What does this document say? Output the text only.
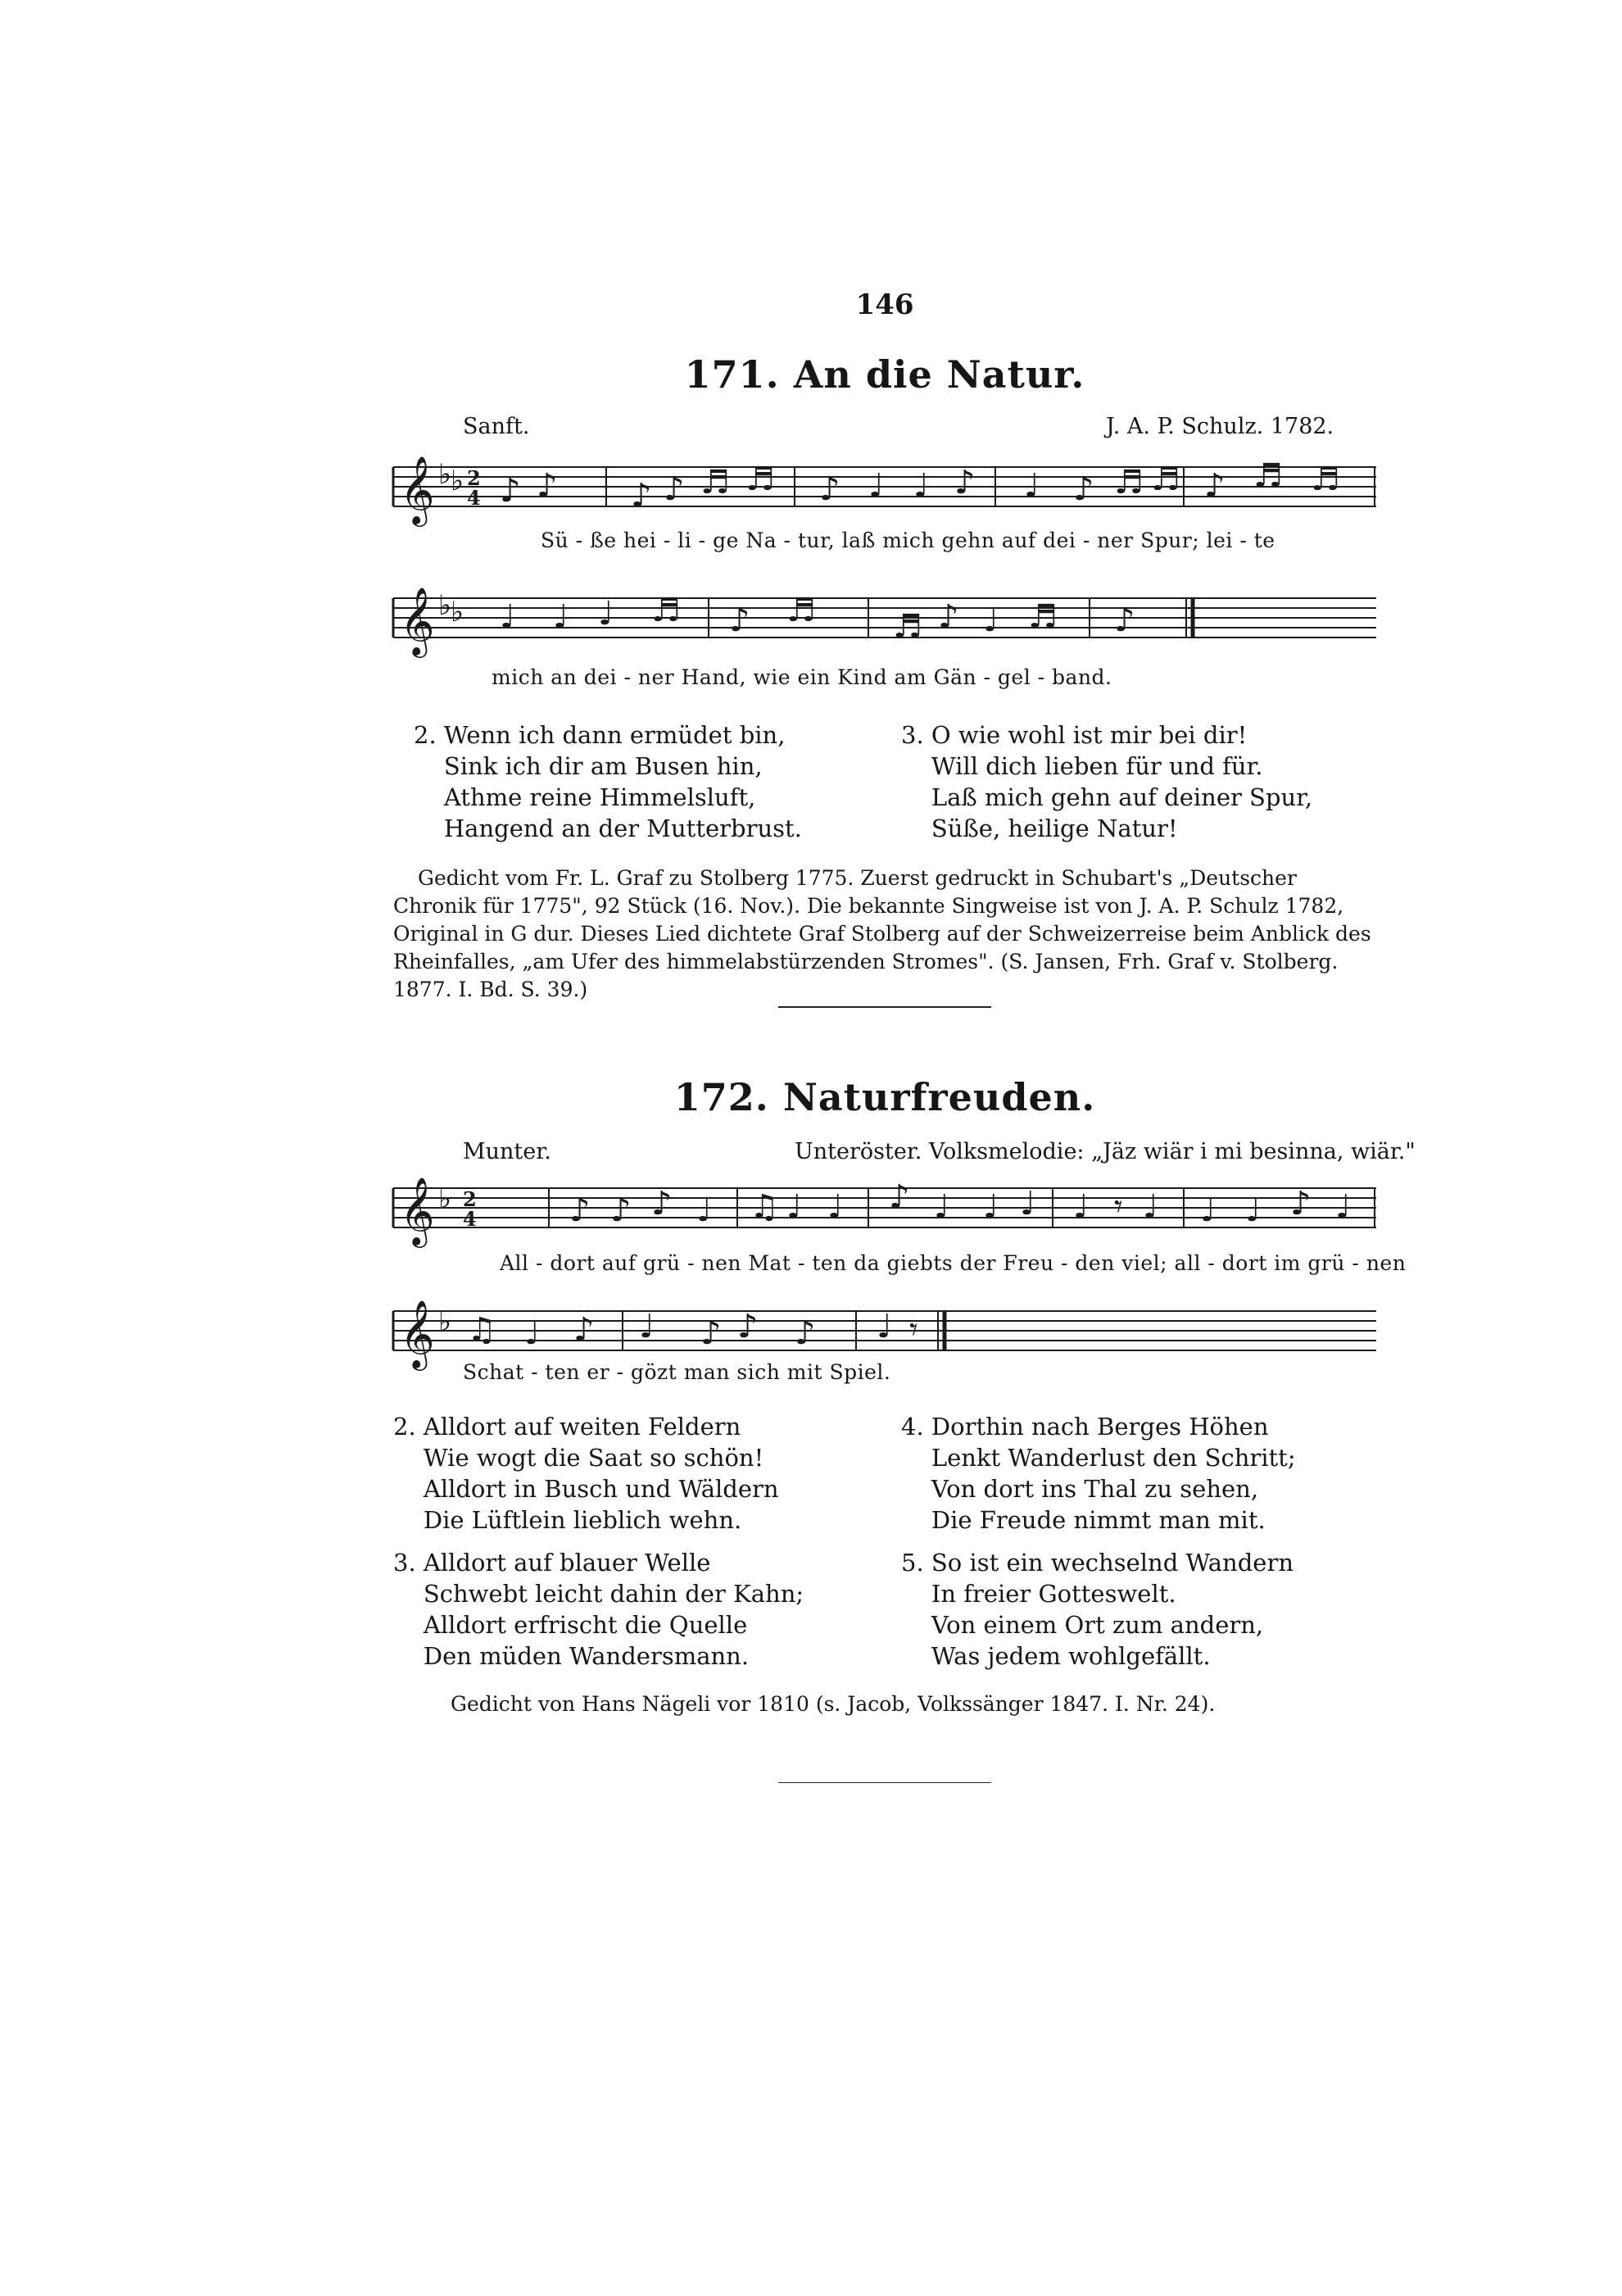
146
171. An die Natur.
Sanft.	J. A. P. Schulz. 1782.
𝄞 ♭
♭ 2
4 ♪ ♪ ♪ ♪ ♬ ♬ ♪ ♩ ♩ ♪ ♩ ♪ ♬ ♬ ♪ ♬ ♬
Sü - ße hei - li - ge Na - tur, laß mich gehn auf dei - ner Spur; lei - te
𝄞 ♭
♭ ♩ ♩ ♩ ♬ ♪ ♬ ♬ ♪ ♩ ♬ ♪
mich an dei - ner Hand, wie ein Kind am Gän - gel - band.
2. Wenn ich dann ermüdet bin,
Sink ich dir am Busen hin,
Athme reine Himmelsluft,
Hangend an der Mutterbrust.
3. O wie wohl ist mir bei dir!
Will dich lieben für und für.
Laß mich gehn auf deiner Spur,
Süße, heilige Natur!
Gedicht vom Fr. L. Graf zu Stolberg 1775. Zuerst gedruckt in Schubart's „Deutscher Chronik für 1775", 92 Stück (16. Nov.). Die bekannte Singweise ist von J. A. P. Schulz 1782, Original in G dur. Dieses Lied dichtete Graf Stolberg auf der Schweizerreise beim Anblick des Rheinfalles, „am Ufer des himmelabstürzenden Stromes". (S. Jansen, Frh. Graf v. Stolberg. 1877. I. Bd. S. 39.)
172. Naturfreuden.
Munter.	Unteröster. Volksmelodie: „Jäz wiär i mi besinna, wiär."
𝄞 ♭ 2
4	♪ ♪ ♪ ♩ ♫ ♩ ♩ ♪ ♩ ♩ ♩ ♩ 𝄾 ♩ ♩ ♩ ♪ ♩
All - dort auf grü - nen Mat - ten da giebts der Freu - den viel; all - dort im grü - nen
𝄞 ♭ ♫ ♩ ♪ ♩ ♪ ♪ ♪ ♩ 𝄾
Schat - ten er - gözt man sich mit Spiel.
2. Alldort auf weiten Feldern
Wie wogt die Saat so schön!
Alldort in Busch und Wäldern
Die Lüftlein lieblich wehn.
3. Alldort auf blauer Welle
Schwebt leicht dahin der Kahn;
Alldort erfrischt die Quelle
Den müden Wandersmann.
4. Dorthin nach Berges Höhen
Lenkt Wanderlust den Schritt;
Von dort ins Thal zu sehen,
Die Freude nimmt man mit.
5. So ist ein wechselnd Wandern
In freier Gotteswelt.
Von einem Ort zum andern,
Was jedem wohlgefällt.
Gedicht von Hans Nägeli vor 1810 (s. Jacob, Volkssänger 1847. I. Nr. 24).
